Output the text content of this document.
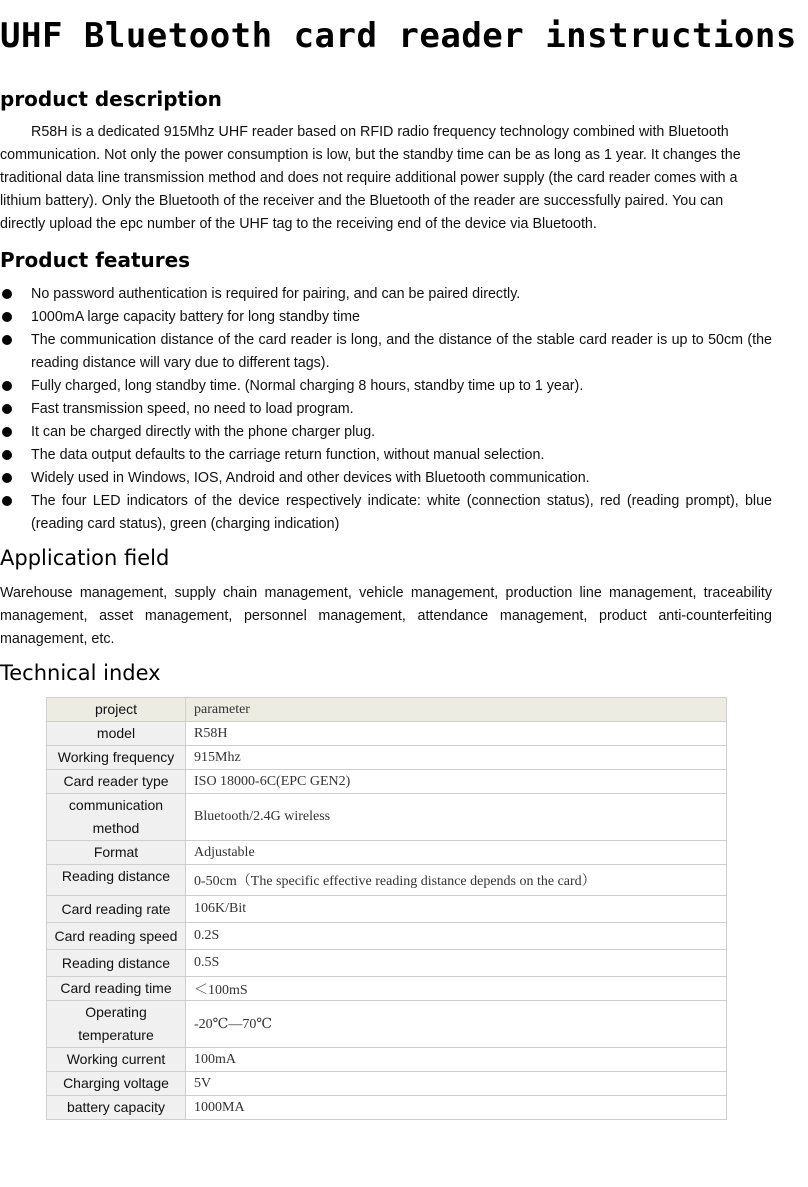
UHF Bluetooth card reader instructions
product description
R58H is a dedicated 915Mhz UHF reader based on RFID radio frequency technology combined with Bluetooth communication. Not only the power consumption is low, but the standby time can be as long as 1 year. It changes the traditional data line transmission method and does not require additional power supply (the card reader comes with a lithium battery). Only the Bluetooth of the receiver and the Bluetooth of the reader are successfully paired. You can directly upload the epc number of the UHF tag to the receiving end of the device via Bluetooth.
Product features
No password authentication is required for pairing, and can be paired directly.
1000mA large capacity battery for long standby time
The communication distance of the card reader is long, and the distance of the stable card reader is up to 50cm (the reading distance will vary due to different tags).
Fully charged, long standby time. (Normal charging 8 hours, standby time up to 1 year).
Fast transmission speed, no need to load program.
It can be charged directly with the phone charger plug.
The data output defaults to the carriage return function, without manual selection.
Widely used in Windows, IOS, Android and other devices with Bluetooth communication.
The four LED indicators of the device respectively indicate: white (connection status), red (reading prompt), blue (reading card status), green (charging indication)
Application field
Warehouse management, supply chain management, vehicle management, production line management, traceability management, asset management, personnel management, attendance management, product anti-counterfeiting management, etc.
Technical index
project	parameter
model	R58H
Working frequency	915Mhz
Card reader type	ISO 18000-6C(EPC GEN2)
communication method	Bluetooth/2.4G wireless
Format	Adjustable
Reading distance	0-50cm（The specific effective reading distance depends on the card）
Card reading rate	106K/Bit
Card reading speed	0.2S
Reading distance	0.5S
Card reading time	＜100mS
Operating temperature	-20℃—70℃
Working current	100mA
Charging voltage	5V
battery capacity	1000MA
